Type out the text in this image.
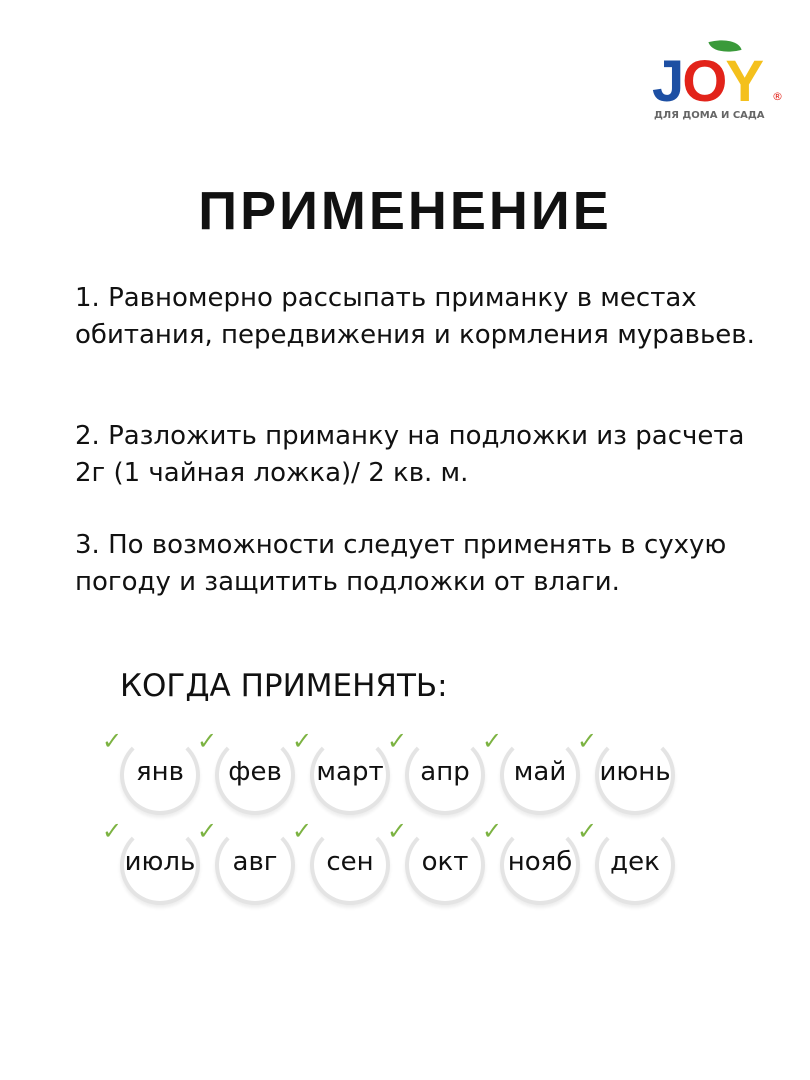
JOY ®
ДЛЯ ДОМА И САДА
ПРИМЕНЕНИЕ

1. Равномерно рассыпать приманку в местах обитания, передвижения и кормления муравьев.

2. Разложить приманку на подложки из расчета 2г (1 чайная ложка)/ 2 кв. м.

3. По возможности следует применять в сухую погоду и защитить подложки от влаги.

КОГДА ПРИМЕНЯТЬ:

✓
янв
✓
фев
✓
март
✓
апр
✓
май
✓
июнь
✓
июль
✓
авг
✓
сен
✓
окт
✓
нояб
✓
дек
